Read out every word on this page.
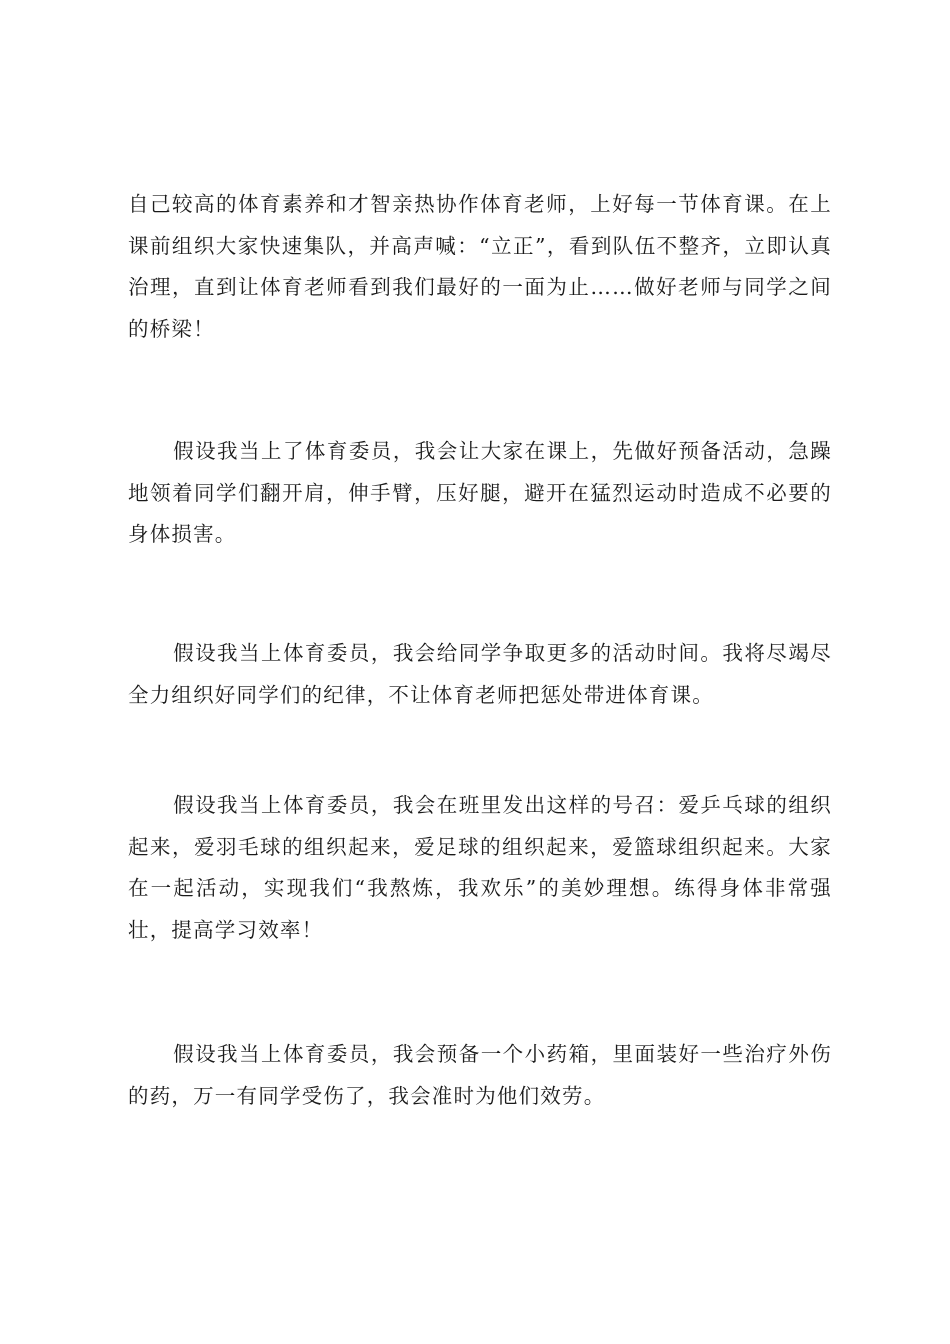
自己较高的体育素养和才智亲热协作体育老师，上好每一节体育课。在上课前组织大家快速集队，并高声喊：“立正”，看到队伍不整齐，立即认真治理，直到让体育老师看到我们最好的一面为止……做好老师与同学之间的桥梁！

假设我当上了体育委员，我会让大家在课上，先做好预备活动，急躁地领着同学们翻开肩，伸手臂，压好腿，避开在猛烈运动时造成不必要的身体损害。

假设我当上体育委员，我会给同学争取更多的活动时间。我将尽竭尽全力组织好同学们的纪律，不让体育老师把惩处带进体育课。

假设我当上体育委员，我会在班里发出这样的号召：爱乒乓球的组织起来，爱羽毛球的组织起来，爱足球的组织起来，爱篮球组织起来。大家在一起活动，实现我们“我熬炼，我欢乐”的美妙理想。练得身体非常强壮，提高学习效率！

假设我当上体育委员，我会预备一个小药箱，里面装好一些治疗外伤的药，万一有同学受伤了，我会准时为他们效劳。
